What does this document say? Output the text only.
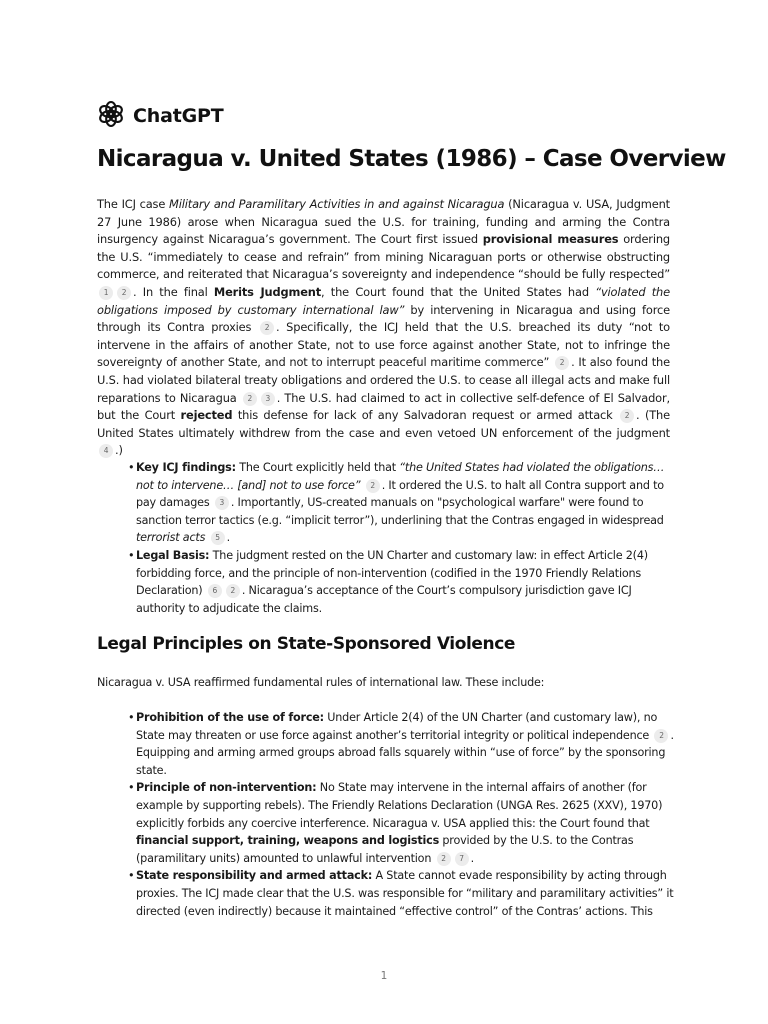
ChatGPT
Nicaragua v. United States (1986) – Case Overview

The ICJ case Military and Paramilitary Activities in and against Nicaragua (Nicaragua v. USA, Judgment 27 June 1986) arose when Nicaragua sued the U.S. for training, funding and arming the Contra insurgency against Nicaragua’s government. The Court first issued provisional measures ordering the U.S. “immediately to cease and refrain” from mining Nicaraguan ports or otherwise obstructing commerce, and reiterated that Nicaragua’s sovereignty and independence “should be fully respected” 1 2 . In the final Merits Judgment, the Court found that the United States had “violated the obligations imposed by customary international law” by intervening in Nicaragua and using force through its Contra proxies 2 . Specifically, the ICJ held that the U.S. breached its duty “not to intervene in the affairs of another State, not to use force against another State, not to infringe the sovereignty of another State, and not to interrupt peaceful maritime commerce” 2 . It also found the U.S. had violated bilateral treaty obligations and ordered the U.S. to cease all illegal acts and make full reparations to Nicaragua 2 3 . The U.S. had claimed to act in collective self-defence of El Salvador, but the Court rejected this defense for lack of any Salvadoran request or armed attack 2 . (The United States ultimately withdrew from the case and even vetoed UN enforcement of the judgment 4 .)

• Key ICJ findings: The Court explicitly held that “the United States had violated the obligations… not to intervene… [and] not to use force” 2 . It ordered the U.S. to halt all Contra support and to pay damages 3 . Importantly, US-created manuals on "psychological warfare" were found to sanction terror tactics (e.g. “implicit terror”), underlining that the Contras engaged in widespread terrorist acts 5 .
• Legal Basis: The judgment rested on the UN Charter and customary law: in effect Article 2(4) forbidding force, and the principle of non-intervention (codified in the 1970 Friendly Relations Declaration) 6 2 . Nicaragua’s acceptance of the Court’s compulsory jurisdiction gave ICJ authority to adjudicate the claims.
Legal Principles on State-Sponsored Violence

Nicaragua v. USA reaffirmed fundamental rules of international law. These include:

• Prohibition of the use of force: Under Article 2(4) of the UN Charter (and customary law), no State may threaten or use force against another’s territorial integrity or political independence 2 . Equipping and arming armed groups abroad falls squarely within “use of force” by the sponsoring state.
• Principle of non-intervention: No State may intervene in the internal affairs of another (for example by supporting rebels). The Friendly Relations Declaration (UNGA Res. 2625 (XXV), 1970) explicitly forbids any coercive interference. Nicaragua v. USA applied this: the Court found that financial support, training, weapons and logistics provided by the U.S. to the Contras (paramilitary units) amounted to unlawful intervention 2 7 .
• State responsibility and armed attack: A State cannot evade responsibility by acting through proxies. The ICJ made clear that the U.S. was responsible for “military and paramilitary activities” it directed (even indirectly) because it maintained “effective control” of the Contras’ actions. This
1
